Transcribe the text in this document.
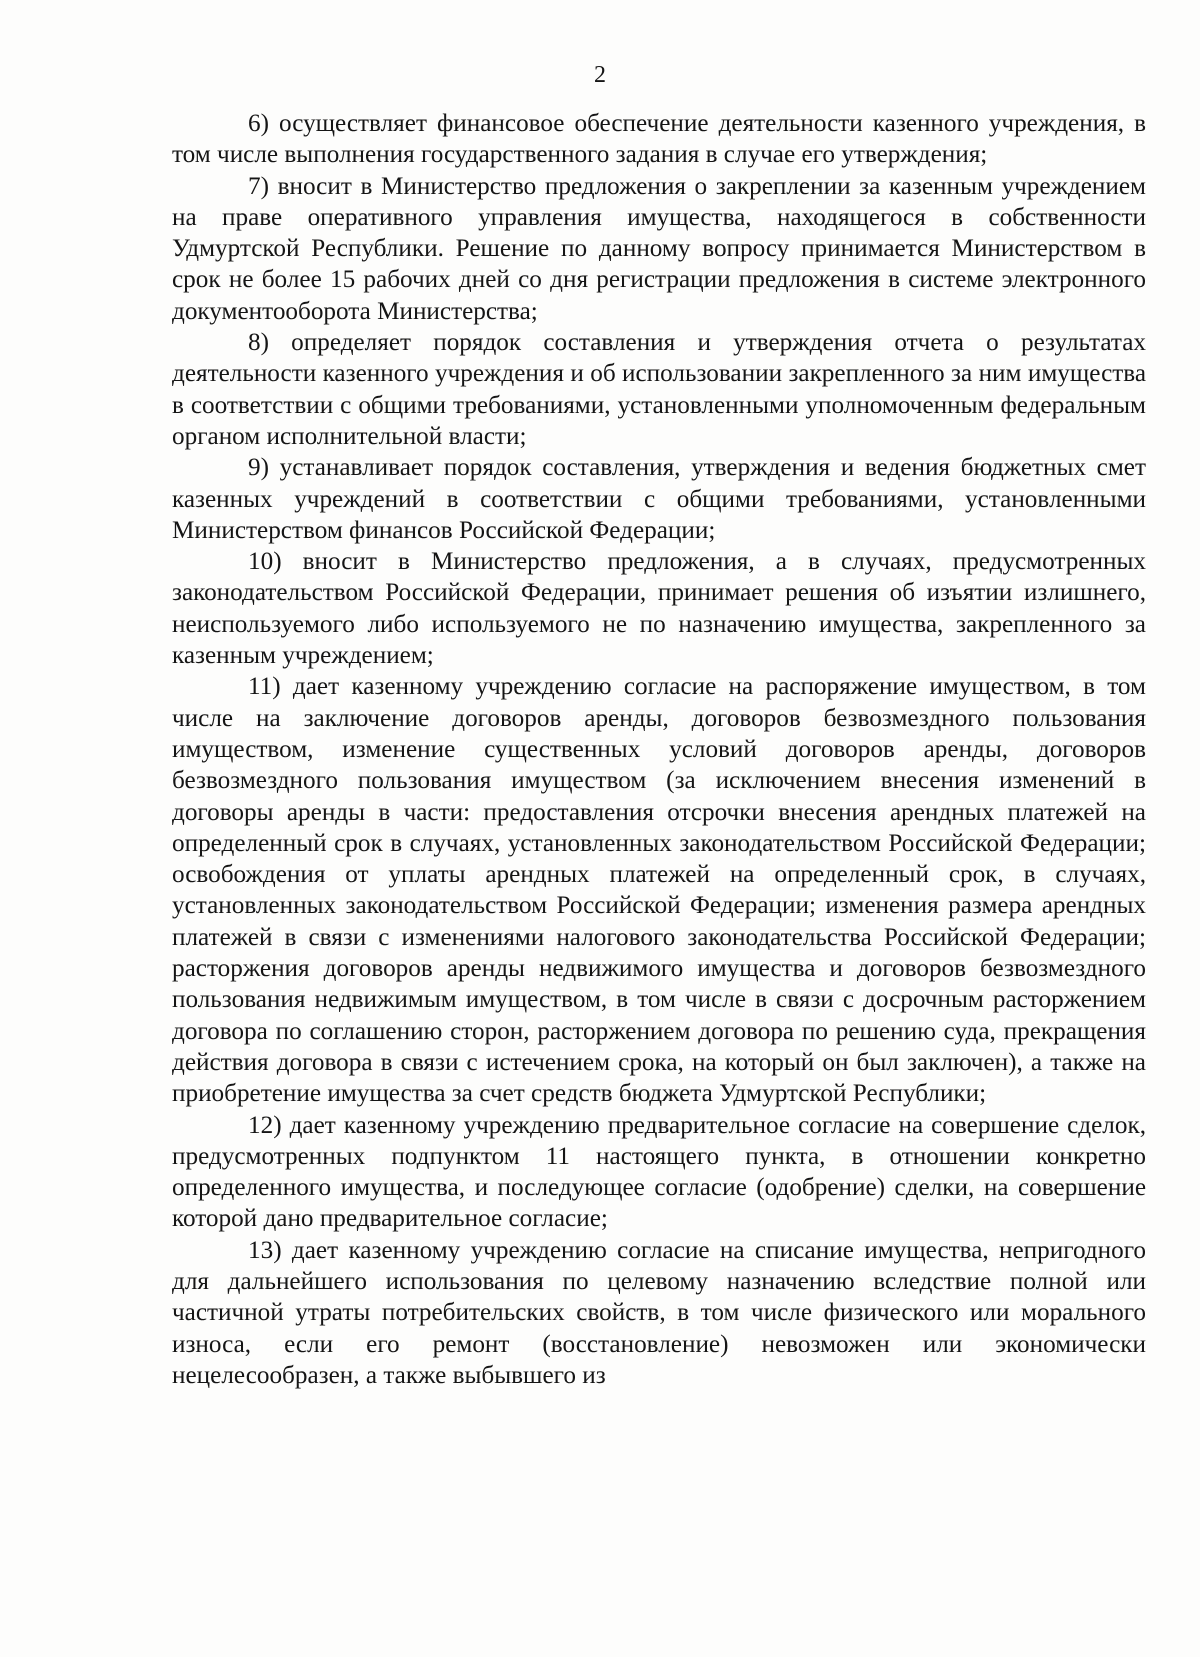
2

6) осуществляет финансовое обеспечение деятельности казенного учреждения, в том числе выполнения государственного задания в случае его утверждения;

7) вносит в Министерство предложения о закреплении за казенным учреждением на праве оперативного управления имущества, находящегося в собственности Удмуртской Республики. Решение по данному вопросу принимается Министерством в срок не более 15 рабочих дней со дня регистрации предложения в системе электронного документооборота Министерства;

8) определяет порядок составления и утверждения отчета о результатах деятельности казенного учреждения и об использовании закрепленного за ним имущества в соответствии с общими требованиями, установленными уполномоченным федеральным органом исполнительной власти;

9) устанавливает порядок составления, утверждения и ведения бюджетных смет казенных учреждений в соответствии с общими требованиями, установленными Министерством финансов Российской Федерации;

10) вносит в Министерство предложения, а в случаях, предусмотренных законодательством Российской Федерации, принимает решения об изъятии излишнего, неиспользуемого либо используемого не по назначению имущества, закрепленного за казенным учреждением;

11) дает казенному учреждению согласие на распоряжение имуществом, в том числе на заключение договоров аренды, договоров безвозмездного пользования имуществом, изменение существенных условий договоров аренды, договоров безвозмездного пользования имуществом (за исключением внесения изменений в договоры аренды в части: предоставления отсрочки внесения арендных платежей на определенный срок в случаях, установленных законодательством Российской Федерации; освобождения от уплаты арендных платежей на определенный срок, в случаях, установленных законодательством Российской Федерации; изменения размера арендных платежей в связи с изменениями налогового законодательства Российской Федерации; расторжения договоров аренды недвижимого имущества и договоров безвозмездного пользования недвижимым имуществом, в том числе в связи с досрочным расторжением договора по соглашению сторон, расторжением договора по решению суда, прекращения действия договора в связи с истечением срока, на который он был заключен), а также на приобретение имущества за счет средств бюджета Удмуртской Республики;

12) дает казенному учреждению предварительное согласие на совершение сделок, предусмотренных подпунктом 11 настоящего пункта, в отношении конкретно определенного имущества, и последующее согласие (одобрение) сделки, на совершение которой дано предварительное согласие;

13) дает казенному учреждению согласие на списание имущества, непригодного для дальнейшего использования по целевому назначению вследствие полной или частичной утраты потребительских свойств, в том числе физического или морального износа, если его ремонт (восстановление) невозможен или экономически нецелесообразен, а также выбывшего из
